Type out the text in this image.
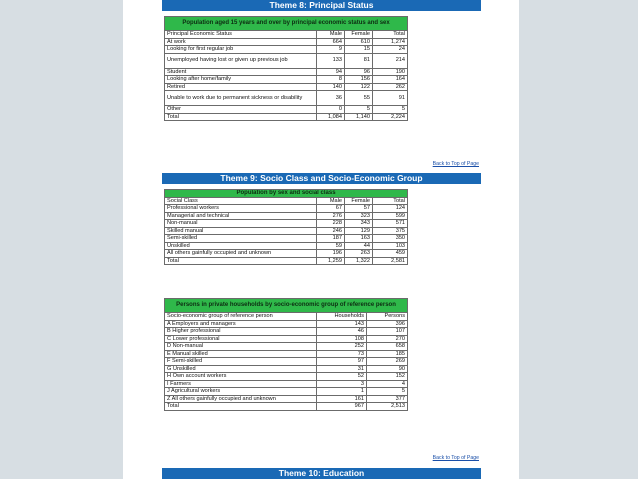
Theme 8: Principal Status
Population aged 15 years and over by principal economic status and sex			
Principal Economic Status	Male	Female	Total
At work	664	610	1,274
Looking for first regular job	9	15	24
Unemployed having lost or given up previous job	133	81	214
Student	94	96	190
Looking after home/family	8	156	164
Retired	140	122	262
Unable to work due to permanent sickness or disability	36	55	91
Other	0	5	5
Total	1,084	1,140	2,224
Back to Top of Page
Theme 9: Socio Class and Socio-Economic Group
Population by sex and social class			
Social Class	Male	Female	Total
Professional workers	67	57	124
Managerial and technical	276	323	599
Non-manual	228	343	571
Skilled manual	246	129	375
Semi-skilled	187	163	350
Unskilled	59	44	103
All others gainfully occupied and unknown	196	263	459
Total	1,259	1,322	2,581
Persons in private households by socio-economic group of reference person		
Socio-economic group of reference person	Households	Persons
A Employers and managers	143	396
B Higher professional	46	107
C Lower professional	108	270
D Non-manual	252	658
E Manual skilled	73	185
F Semi-skilled	97	269
G Unskilled	31	90
H Own account workers	52	152
I Farmers	3	4
J Agricultural workers	1	5
Z All others gainfully occupied and unknown	161	377
Total	967	2,513
Back to Top of Page
Theme 10: Education
